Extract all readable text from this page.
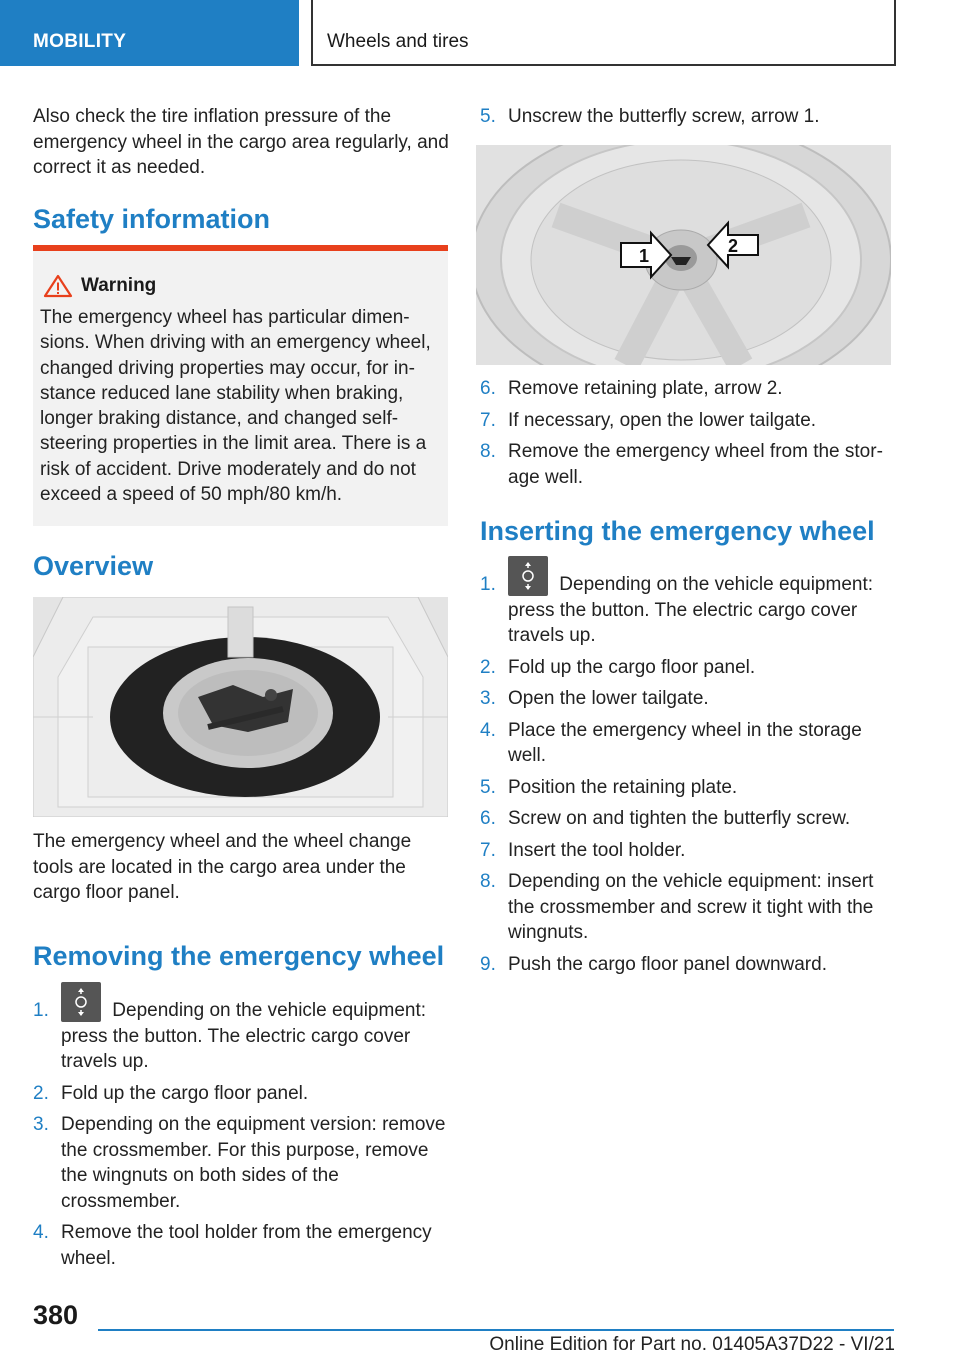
MOBILITY	Wheels and tires

Also check the tire inflation pressure of the emergency wheel in the cargo area regularly, and correct it as needed.

Safety information
Warning

The emergency wheel has particular dimensions. When driving with an emergency wheel, changed driving properties may occur, for instance reduced lane stability when braking, longer braking distance, and changed self-steering properties in the limit area. There is a risk of accident. Drive moderately and do not exceed a speed of 50 mph/80 km/h.

Overview

The emergency wheel and the wheel change tools are located in the cargo area under the cargo floor panel.

Removing the emergency wheel
1.	Depending on the vehicle equipment: press the button. The electric cargo cover travels up.
2. Fold up the cargo floor panel.
3. Depending on the equipment version: remove the crossmember. For this purpose, remove the wingnuts on both sides of the crossmember.
4. Remove the tool holder from the emergency wheel.
5. Unscrew the butterfly screw, arrow 1.
1	2
6. Remove retaining plate, arrow 2.
7. If necessary, open the lower tailgate.
8. Remove the emergency wheel from the storage well.
Inserting the emergency wheel
1.	Depending on the vehicle equipment: press the button. The electric cargo cover travels up.
2. Fold up the cargo floor panel.
3. Open the lower tailgate.
4. Place the emergency wheel in the storage well.
5. Position the retaining plate.
6. Screw on and tighten the butterfly screw.
7. Insert the tool holder.
8. Depending on the vehicle equipment: insert the crossmember and screw it tight with the wingnuts.
9. Push the cargo floor panel downward.
380
Online Edition for Part no. 01405A37D22 - VI/21
